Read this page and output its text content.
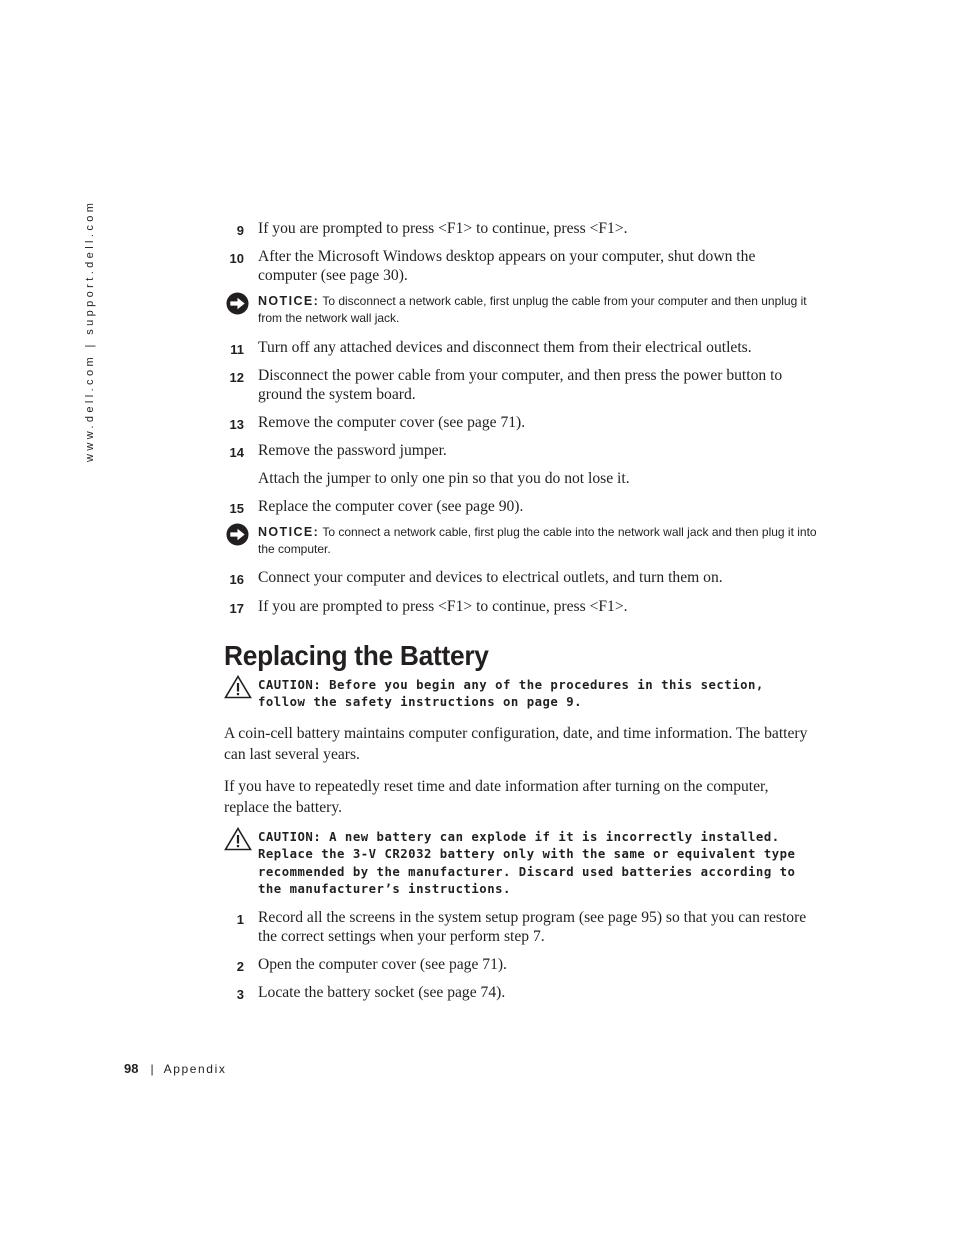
www.dell.com | support.dell.com	9 If you are prompted to press <F1> to continue, press <F1>.
10 After the Microsoft Windows desktop appears on your computer, shut down the computer (see page 30).
NOTICE: To disconnect a network cable, first unplug the cable from your computer and then unplug it from the network wall jack.
11 Turn off any attached devices and disconnect them from their electrical outlets.
12 Disconnect the power cable from your computer, and then press the power button to ground the system board.
13 Remove the computer cover (see page 71).
14 Remove the password jumper.
Attach the jumper to only one pin so that you do not lose it.
15 Replace the computer cover (see page 90).
NOTICE: To connect a network cable, first plug the cable into the network wall jack and then plug it into the computer.
16 Connect your computer and devices to electrical outlets, and turn them on.
17 If you are prompted to press <F1> to continue, press <F1>.
Replacing the Battery
CAUTION: Before you begin any of the procedures in this section, follow the safety instructions on page 9.

A coin-cell battery maintains computer configuration, date, and time information. The battery can last several years.

If you have to repeatedly reset time and date information after turning on the computer, replace the battery.

CAUTION: A new battery can explode if it is incorrectly installed. Replace the 3-V CR2032 battery only with the same or equivalent type recommended by the manufacturer. Discard used batteries according to the manufacturer’s instructions.
1 Record all the screens in the system setup program (see page 95) so that you can restore the correct settings when your perform step 7.
2 Open the computer cover (see page 71).
3 Locate the battery socket (see page 74).
98 | Appendix
